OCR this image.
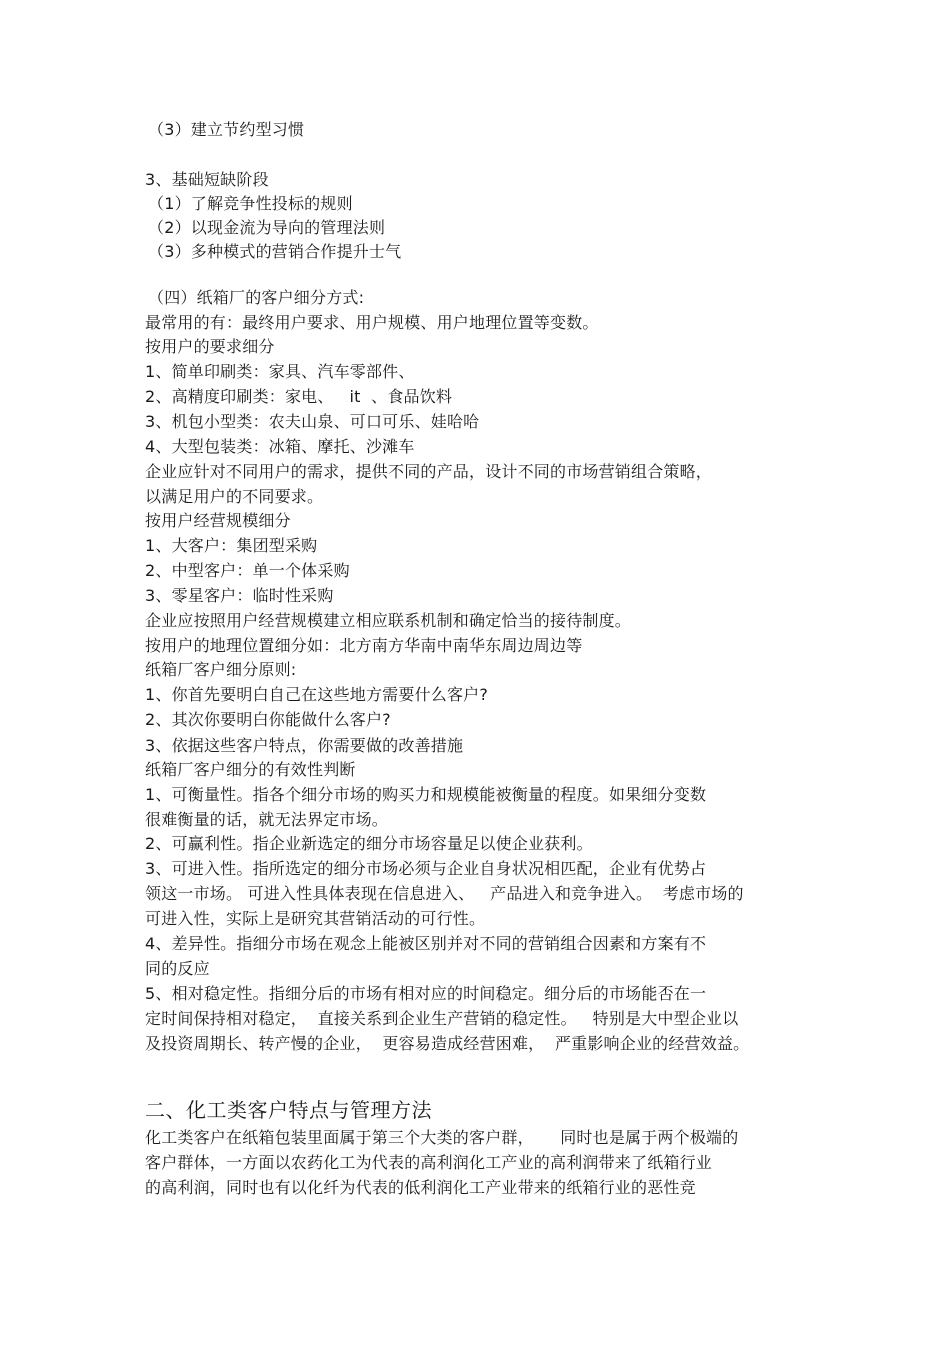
（3）建立节约型习惯
3、基础短缺阶段
（1）了解竞争性投标的规则
（2）以现金流为导向的管理法则
（3）多种模式的营销合作提升士气
（四）纸箱厂的客户细分方式:
最常用的有：最终用户要求、用户规模、用户地理位置等变数。
按用户的要求细分
1、简单印刷类：家具、汽车零部件、
2、高精度印刷类：家电、   it  、食品饮料
3、机包小型类：农夫山泉、可口可乐、娃哈哈
4、大型包装类：冰箱、摩托、沙滩车
企业应针对不同用户的需求，提供不同的产品，设计不同的市场营销组合策略，
以满足用户的不同要求。
按用户经营规模细分
1、大客户：集团型采购
2、中型客户：单一个体采购
3、零星客户：临时性采购
企业应按照用户经营规模建立相应联系机制和确定恰当的接待制度。
按用户的地理位置细分如：北方南方华南中南华东周边周边等
纸箱厂客户细分原则:
1、你首先要明白自己在这些地方需要什么客户?
2、其次你要明白你能做什么客户?
3、依据这些客户特点，你需要做的改善措施
纸箱厂客户细分的有效性判断
1、可衡量性。指各个细分市场的购买力和规模能被衡量的程度。如果细分变数
很难衡量的话，就无法界定市场。
2、可赢利性。指企业新选定的细分市场容量足以使企业获利。
3、可进入性。指所选定的细分市场必须与企业自身状况相匹配，企业有优势占
领这一市场。 可进入性具体表现在信息进入、   产品进入和竞争进入。  考虑市场的
可进入性，实际上是研究其营销活动的可行性。
4、差异性。指细分市场在观念上能被区别并对不同的营销组合因素和方案有不
同的反应
5、相对稳定性。指细分后的市场有相对应的时间稳定。细分后的市场能否在一
定时间保持相对稳定，  直接关系到企业生产营销的稳定性。   特别是大中型企业以
及投资周期长、转产慢的企业，  更容易造成经营困难，  严重影响企业的经营效益。
二、化工类客户特点与管理方法
化工类客户在纸箱包装里面属于第三个大类的客户群，     同时也是属于两个极端的
客户群体，一方面以农药化工为代表的高利润化工产业的高利润带来了纸箱行业
的高利润，同时也有以化纤为代表的低利润化工产业带来的纸箱行业的恶性竞
